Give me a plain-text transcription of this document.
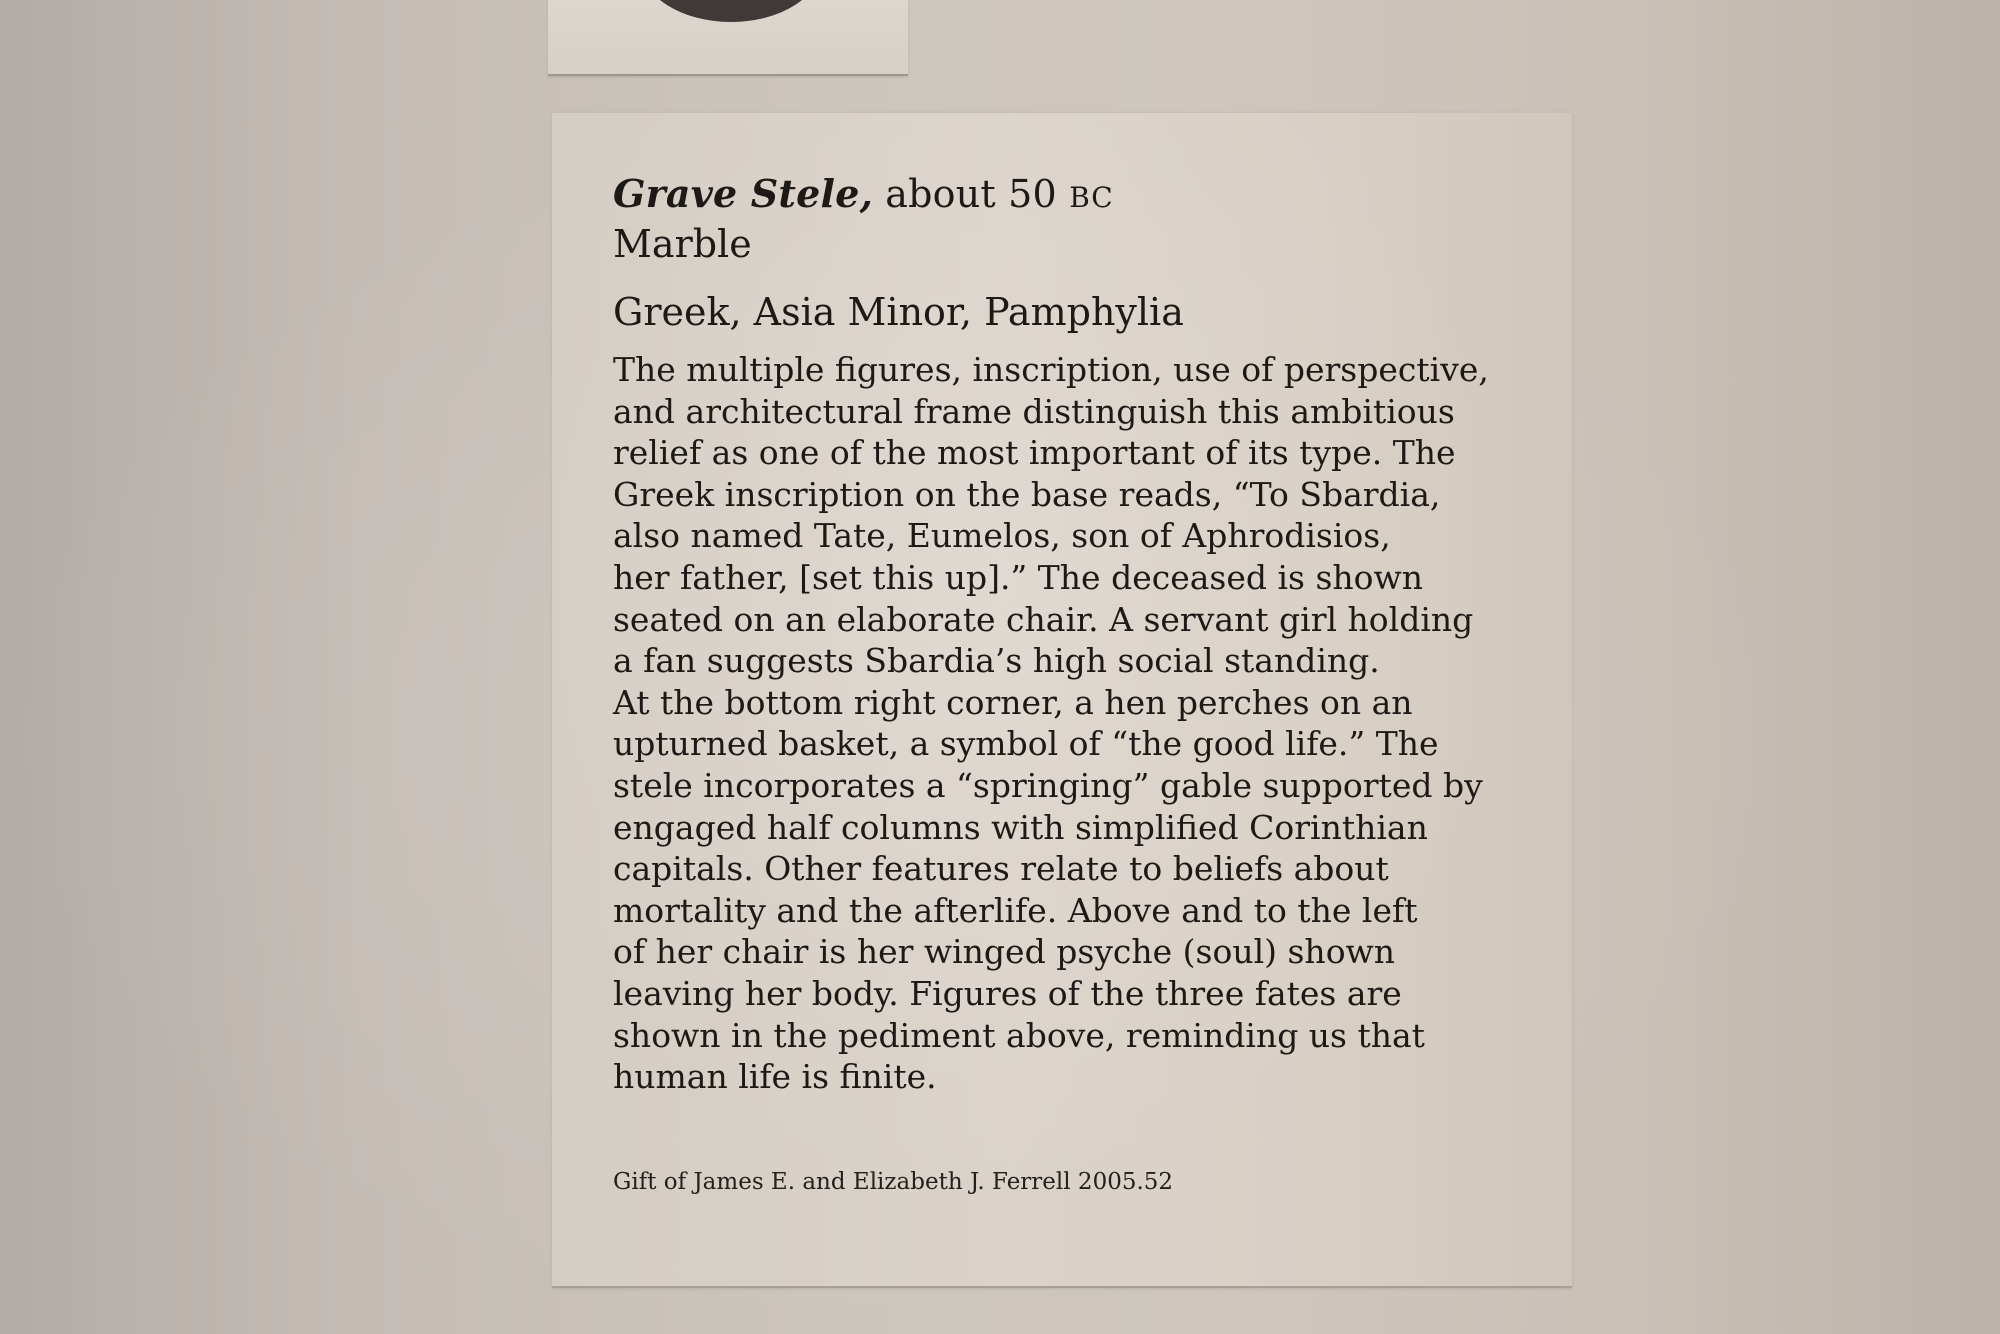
Grave Stele, about 50 BC
Marble
Greek, Asia Minor, Pamphylia
The multiple figures, inscription, use of perspective,
and architectural frame distinguish this ambitious
relief as one of the most important of its type. The
Greek inscription on the base reads, “To Sbardia,
also named Tate, Eumelos, son of Aphrodisios,
her father, [set this up].” The deceased is shown
seated on an elaborate chair. A servant girl holding
a fan suggests Sbardia’s high social standing.
At the bottom right corner, a hen perches on an
upturned basket, a symbol of “the good life.” The
stele incorporates a “springing” gable supported by
engaged half columns with simplified Corinthian
capitals. Other features relate to beliefs about
mortality and the afterlife. Above and to the left
of her chair is her winged psyche (soul) shown
leaving her body. Figures of the three fates are
shown in the pediment above, reminding us that
human life is finite.
Gift of James E. and Elizabeth J. Ferrell 2005.52
